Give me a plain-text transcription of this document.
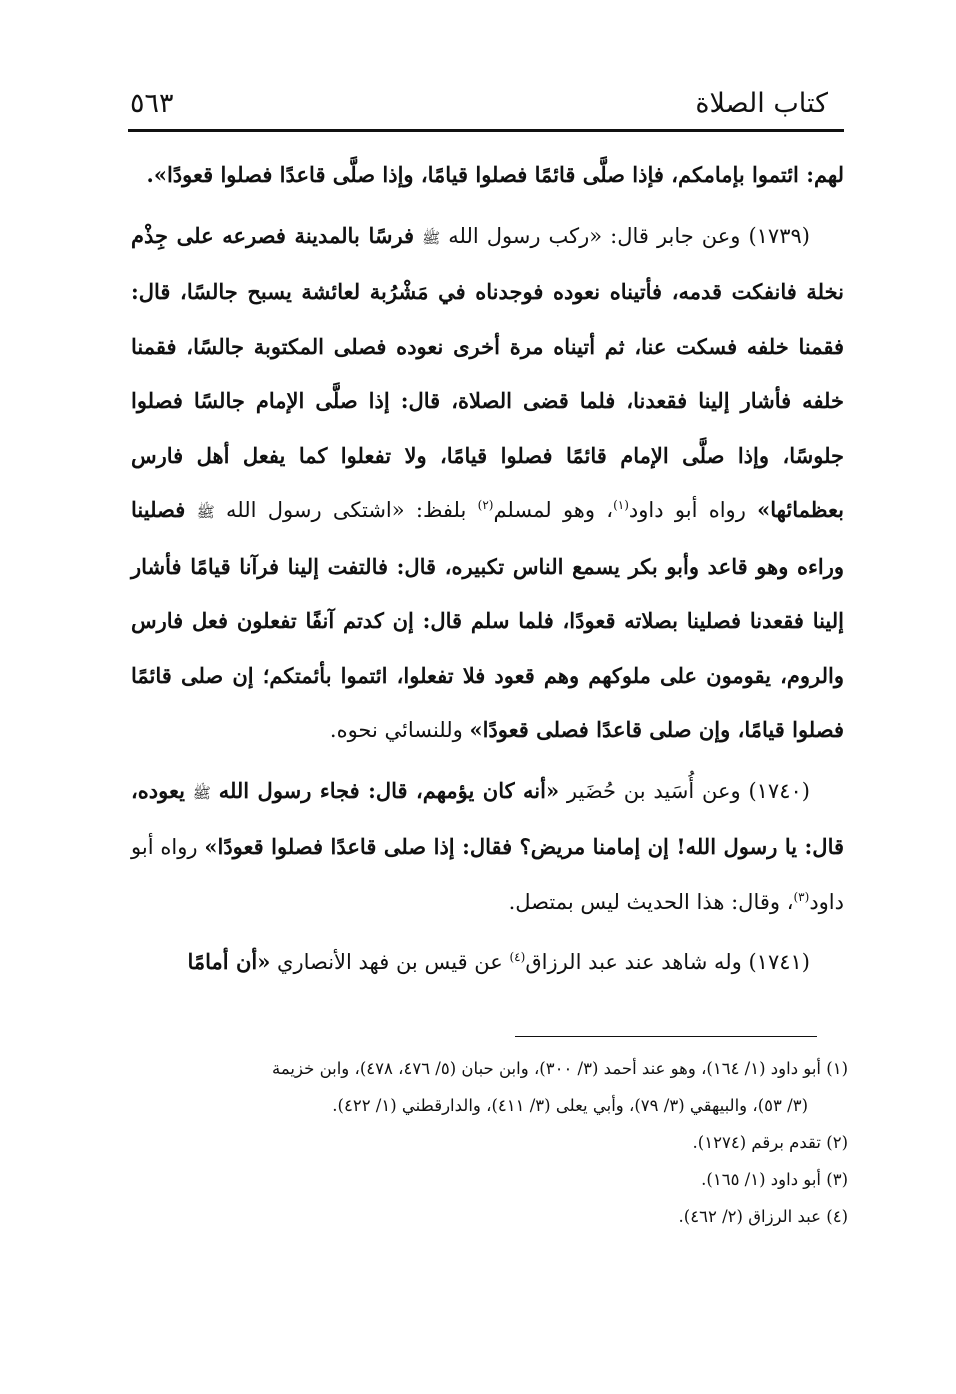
كتاب الصلاة
٥٦٣

لهم: ائتموا بإمامكم، فإذا صلَّى قائمًا فصلوا قيامًا، وإذا صلَّى قاعدًا فصلوا قعودًا».

(١٧٣٩) وعن جابر قال: «ركب رسول الله ﷺ فرسًا بالمدينة فصرعه على جِذْم نخلة فانفكت قدمه، فأتيناه نعوده فوجدناه في مَشْرُبة لعائشة يسبح جالسًا، قال: فقمنا خلفه فسكت عنا، ثم أتيناه مرة أخرى نعوده فصلى المكتوبة جالسًا، فقمنا خلفه فأشار إلينا فقعدنا، فلما قضى الصلاة، قال: إذا صلَّى الإمام جالسًا فصلوا جلوسًا، وإذا صلَّى الإمام قائمًا فصلوا قيامًا، ولا تفعلوا كما يفعل أهل فارس بعظمائها» رواه أبو داود$^{(١)}$، وهو لمسلم$^{(٢)}$ بلفظ: «اشتكى رسول الله ﷺ فصلينا وراءه وهو قاعد وأبو بكر يسمع الناس تكبيره، قال: فالتفت إلينا فرآنا قيامًا فأشار إلينا فقعدنا فصلينا بصلاته قعودًا، فلما سلم قال: إن كدتم آنفًا تفعلون فعل فارس والروم، يقومون على ملوكهم وهم قعود فلا تفعلوا، ائتموا بأئمتكم؛ إن صلى قائمًا فصلوا قيامًا، وإن صلى قاعدًا فصلى قعودًا» وللنسائي نحوه.

(١٧٤٠) وعن أُسَيد بن حُضَير «أنه كان يؤمهم، قال: فجاء رسول الله ﷺ يعوده، قال: يا رسول الله! إن إمامنا مريض؟ فقال: إذا صلى قاعدًا فصلوا قعودًا» رواه أبو داود$^{(٣)}$، وقال: هذا الحديث ليس بمتصل.

(١٧٤١) وله شاهد عند عبد الرزاق$^{(٤)}$ عن قيس بن فهد الأنصاري «أن أمامًا

(١) أبو داود (١/ ١٦٤)، وهو عند أحمد (٣/ ٣٠٠)، وابن حبان (٥/ ٤٧٦، ٤٧٨)، وابن خزيمة

(٣/ ٥٣)، والبيهقي (٣/ ٧٩)، وأبي يعلى (٣/ ٤١١)، والدارقطني (١/ ٤٢٢).

(٢) تقدم برقم (١٢٧٤).

(٣) أبو داود (١/ ١٦٥).

(٤) عبد الرزاق (٢/ ٤٦٢).
